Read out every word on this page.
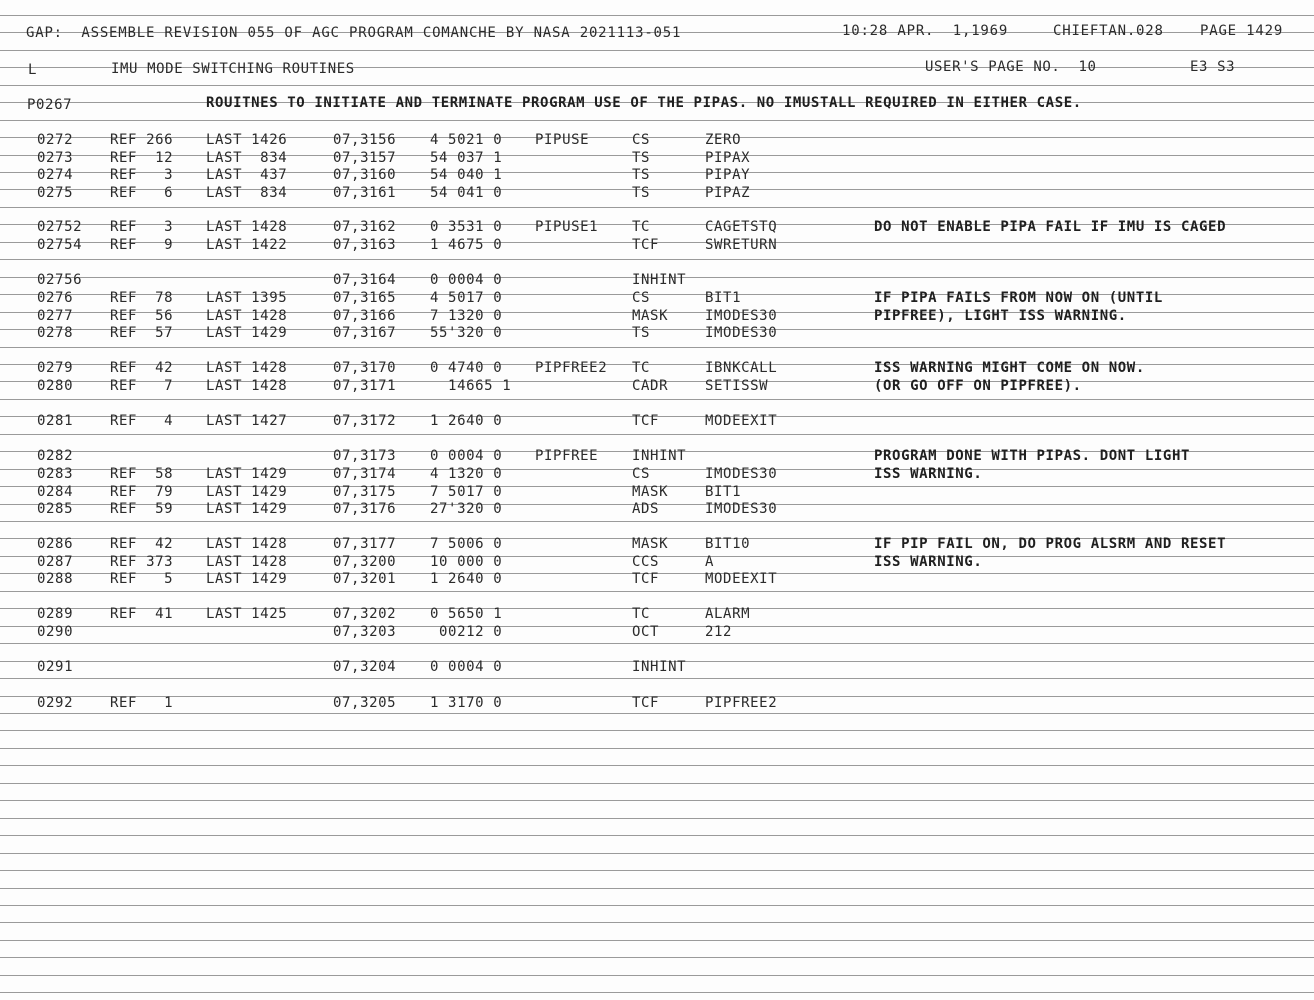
GAP:  ASSEMBLE REVISION 055 OF AGC PROGRAM COMANCHE BY NASA 2021113-051	10:28 APR.  1,1969	CHIEFTAN.028	PAGE 1429
L	IMU MODE SWITCHING ROUTINES	USER'S PAGE NO.  10	E3 S3
P0267	ROUITNES TO INITIATE AND TERMINATE PROGRAM USE OF THE PIPAS. NO IMUSTALL REQUIRED IN EITHER CASE.
0272	REF 266 LAST 1426	07,3156 4 5021 0 PIPUSE	CS	ZERO
0273	REF  12 LAST  834	07,3157 54 037 1	TS	PIPAX
0274	REF   3 LAST  437	07,3160 54 040 1	TS	PIPAY
0275	REF   6 LAST  834	07,3161 54 041 0	TS	PIPAZ
02752 REF   3 LAST 1428	07,3162 0 3531 0 PIPUSE1 TC	CAGETSTQ	DO NOT ENABLE PIPA FAIL IF IMU IS CAGED
02754 REF   9 LAST 1422	07,3163 1 4675 0	TCF	SWRETURN
02756	07,3164 0 0004 0	INHINT
0276	REF  78 LAST 1395	07,3165 4 5017 0	CS	BIT1	IF PIPA FAILS FROM NOW ON (UNTIL
0277	REF  56 LAST 1428	07,3166 7 1320 0	MASK	IMODES30	PIPFREE), LIGHT ISS WARNING.
0278	REF  57 LAST 1429	07,3167 55'320 0	TS	IMODES30
0279	REF  42 LAST 1428	07,3170 0 4740 0 PIPFREE2 TC	IBNKCALL	ISS WARNING MIGHT COME ON NOW.
0280	REF   7 LAST 1428	07,3171 14665 1	CADR	SETISSW	(OR GO OFF ON PIPFREE).
0281	REF   4 LAST 1427	07,3172 1 2640 0	TCF	MODEEXIT
0282	07,3173 0 0004 0 PIPFREE INHINT	PROGRAM DONE WITH PIPAS. DONT LIGHT
0283	REF  58 LAST 1429	07,3174 4 1320 0	CS	IMODES30	ISS WARNING.
0284	REF  79 LAST 1429	07,3175 7 5017 0	MASK	BIT1
0285	REF  59 LAST 1429	07,3176 27'320 0	ADS	IMODES30
0286	REF  42 LAST 1428	07,3177 7 5006 0	MASK	BIT10	IF PIP FAIL ON, DO PROG ALSRM AND RESET
0287	REF 373 LAST 1428	07,3200 10 000 0	CCS	A	ISS WARNING.
0288	REF   5 LAST 1429	07,3201 1 2640 0	TCF	MODEEXIT
0289	REF  41 LAST 1425	07,3202 0 5650 1	TC	ALARM
0290	07,3203 00212 0	OCT	212
0291	07,3204 0 0004 0	INHINT
0292	REF   1	07,3205 1 3170 0	TCF	PIPFREE2
